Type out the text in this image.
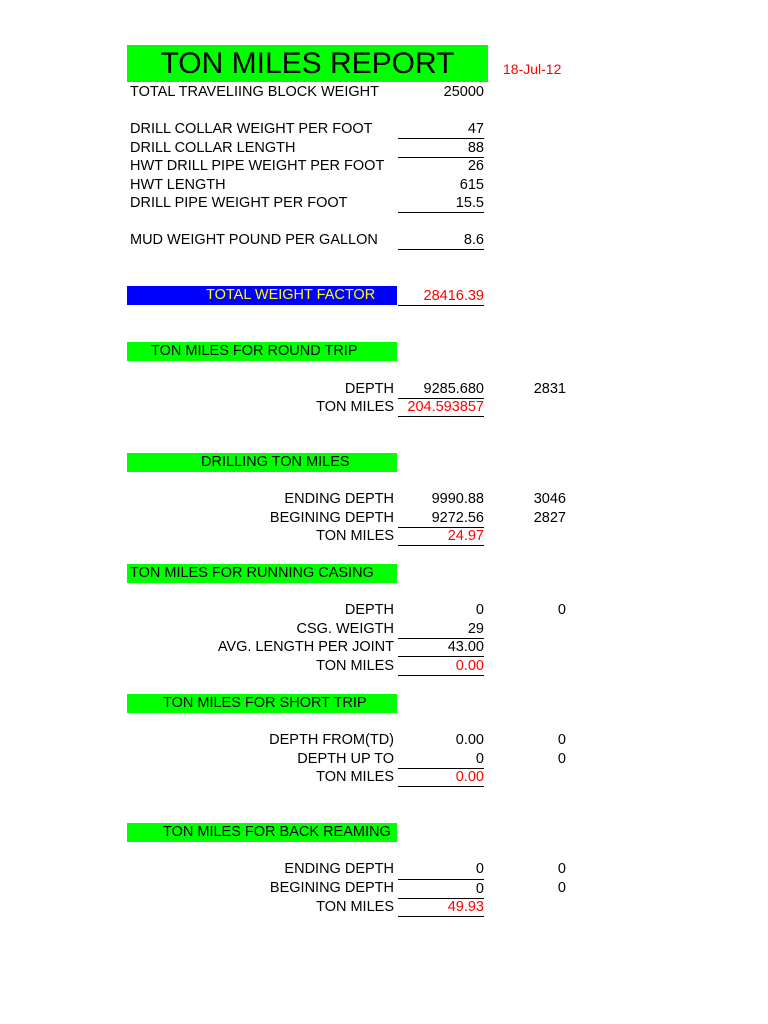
TON MILES REPORT	18-Jul-12
TOTAL TRAVELIING BLOCK WEIGHT	25000
DRILL COLLAR WEIGHT PER FOOT	47
DRILL COLLAR LENGTH	88
HWT DRILL PIPE WEIGHT PER FOOT	26
HWT LENGTH	615
DRILL PIPE WEIGHT PER FOOT	15.5
MUD WEIGHT POUND PER GALLON	8.6
TOTAL WEIGHT FACTOR	28416.39
TON MILES FOR ROUND TRIP
DEPTH	9285.680	2831
TON MILES 204.593857
DRILLING TON MILES
ENDING DEPTH	9990.88	3046
BEGINING DEPTH	9272.56	2827
TON MILES	24.97
TON MILES FOR RUNNING CASING
DEPTH	0	0
CSG. WEIGTH	29
AVG. LENGTH PER JOINT	43.00
TON MILES	0.00
TON MILES FOR SHORT TRIP
DEPTH FROM(TD)	0.00	0
DEPTH UP TO	0	0
TON MILES	0.00
TON MILES FOR BACK REAMING
ENDING DEPTH	0	0
BEGINING DEPTH	0	0
TON MILES	49.93
